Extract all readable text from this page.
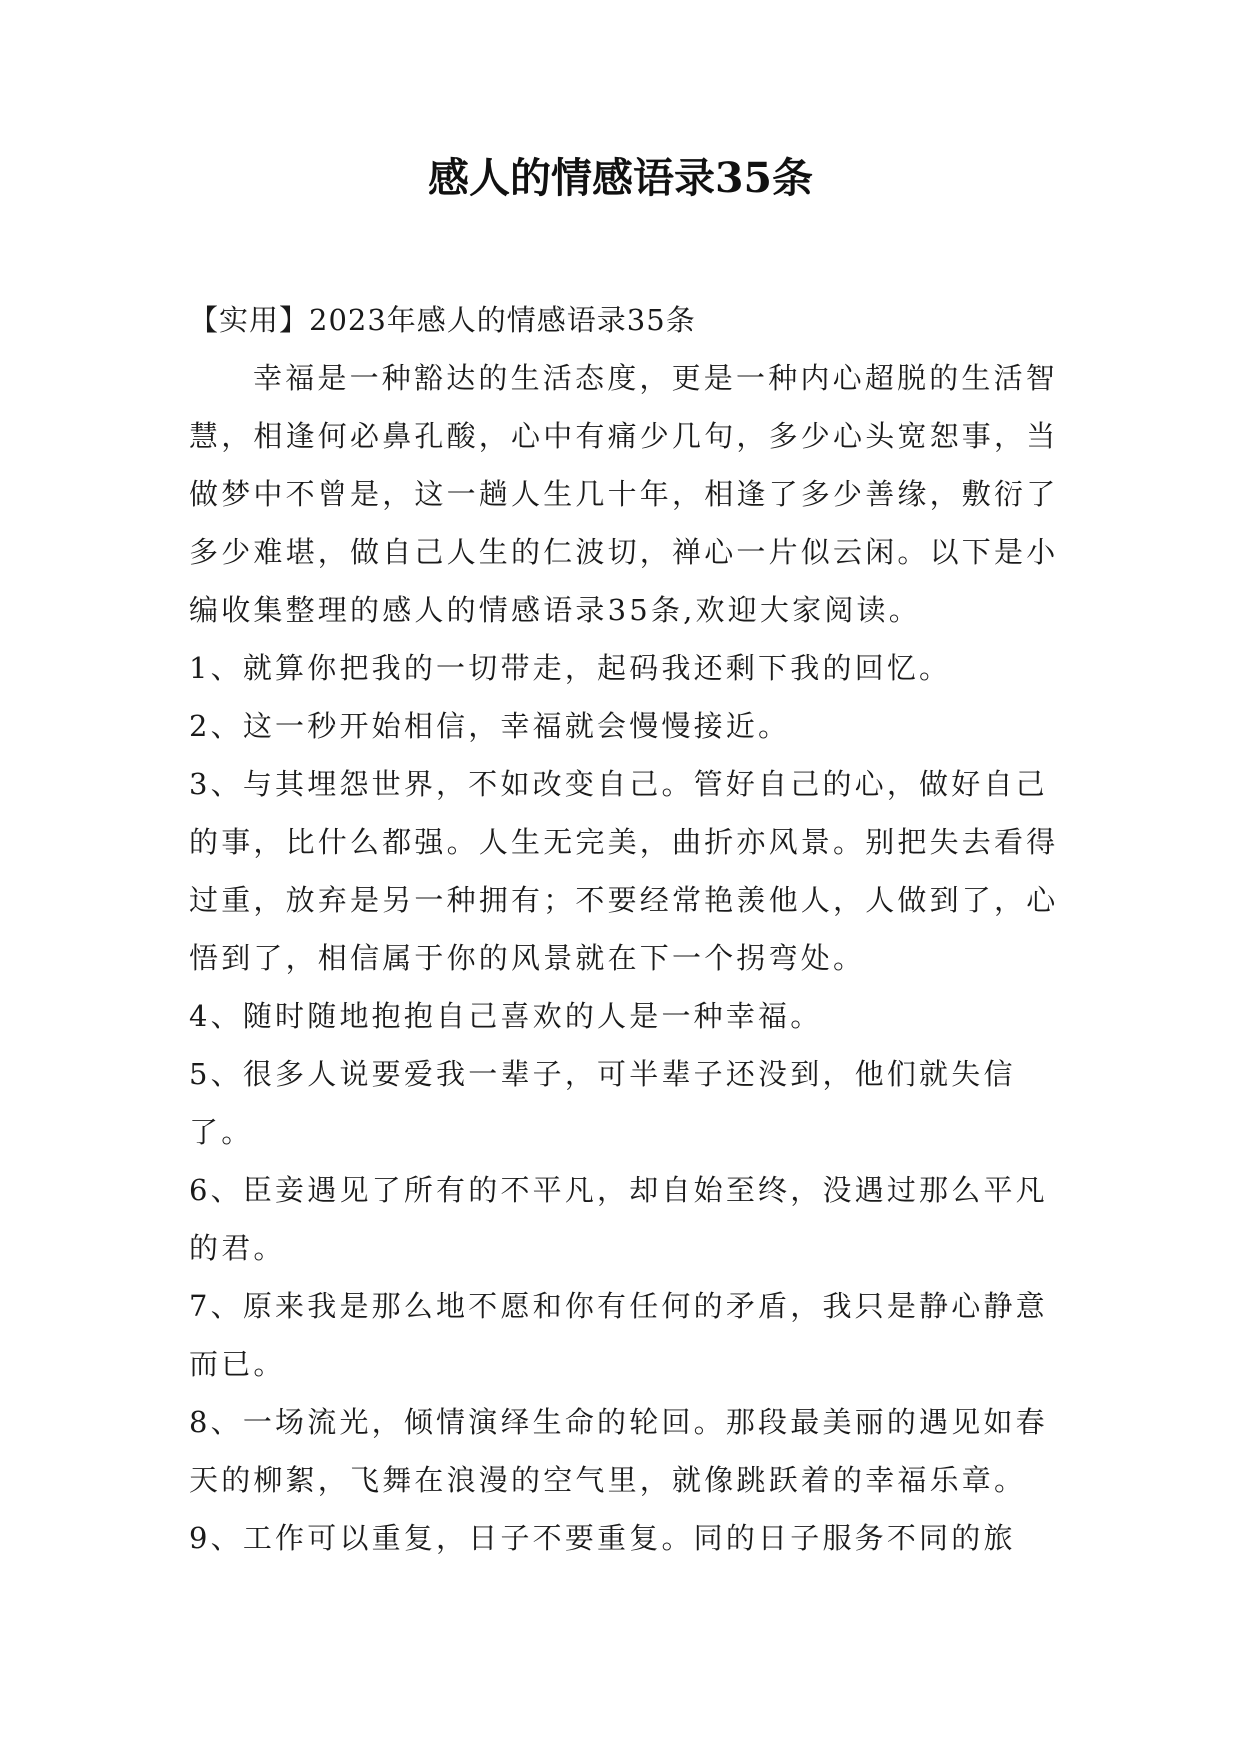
感人的情感语录35条

【实用】2023年感人的情感语录35条

幸福是一种豁达的生活态度，更是一种内心超脱的生活智慧，相逢何必鼻孔酸，心中有痛少几句，多少心头宽恕事，当做梦中不曾是，这一趟人生几十年，相逢了多少善缘，敷衍了多少难堪，做自己人生的仁波切，禅心一片似云闲。以下是小编收集整理的感人的情感语录35条,欢迎大家阅读。

1、就算你把我的一切带走，起码我还剩下我的回忆。

2、这一秒开始相信，幸福就会慢慢接近。

3、与其埋怨世界，不如改变自己。管好自己的心，做好自己的事，比什么都强。人生无完美，曲折亦风景。别把失去看得过重，放弃是另一种拥有；不要经常艳羡他人，人做到了，心悟到了，相信属于你的风景就在下一个拐弯处。

4、随时随地抱抱自己喜欢的人是一种幸福。

5、很多人说要爱我一辈子，可半辈子还没到，他们就失信了。

6、臣妾遇见了所有的不平凡，却自始至终，没遇过那么平凡的君。

7、原来我是那么地不愿和你有任何的矛盾，我只是静心静意而已。

8、一场流光，倾情演绎生命的轮回。那段最美丽的遇见如春天的柳絮，飞舞在浪漫的空气里，就像跳跃着的幸福乐章。

9、工作可以重复，日子不要重复。同的日子服务不同的旅
